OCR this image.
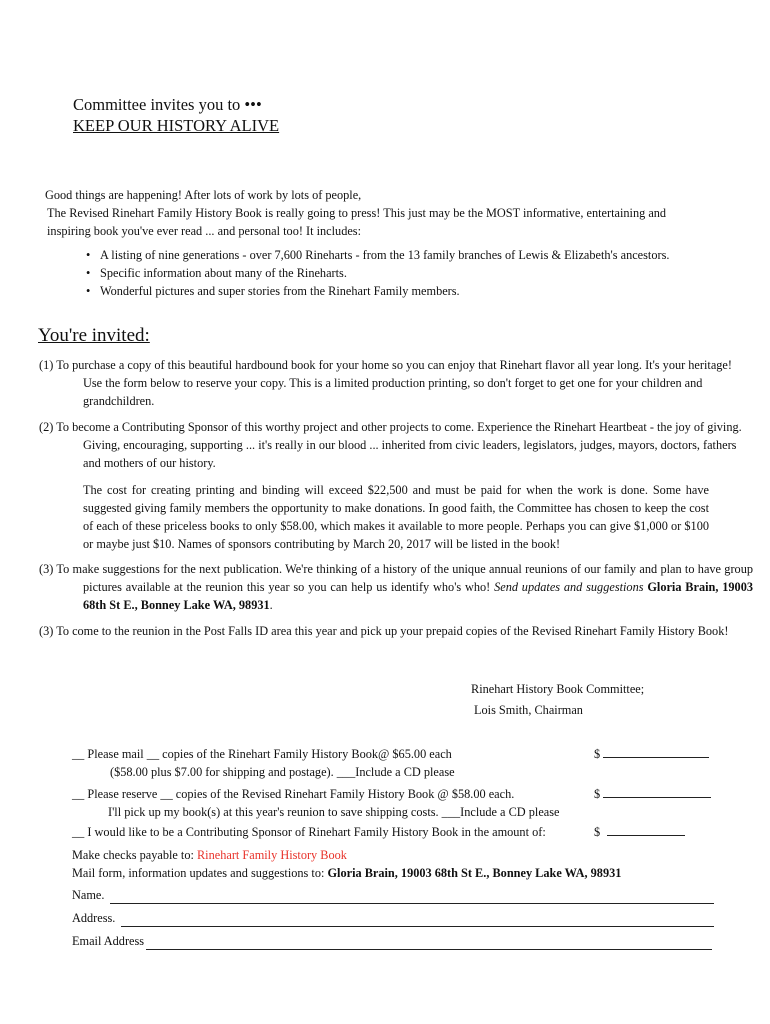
Committee invites you to •••
KEEP OUR HISTORY ALIVE
Good things are happening! After lots of work by lots of people,
The Revised Rinehart Family History Book is really going to press! This just may be the MOST informative, entertaining and inspiring book you've ever read ... and personal too! It includes:
• A listing of nine generations - over 7,600 Rineharts - from the 13 family branches of Lewis & Elizabeth's ancestors.
• Specific information about many of the Rineharts.
• Wonderful pictures and super stories from the Rinehart Family members.
You're invited:
(1) To purchase a copy of this beautiful hardbound book for your home so you can enjoy that Rinehart flavor all year long. It's your heritage! Use the form below to reserve your copy. This is a limited production printing, so don't forget to get one for your children and grandchildren.
(2) To become a Contributing Sponsor of this worthy project and other projects to come. Experience the Rinehart Heartbeat - the joy of giving. Giving, encouraging, supporting ... it's really in our blood ... inherited from civic leaders, legislators, judges, mayors, doctors, fathers and mothers of our history.
The cost for creating printing and binding will exceed $22,500 and must be paid for when the work is done. Some have suggested giving family members the opportunity to make donations. In good faith, the Committee has chosen to keep the cost of each of these priceless books to only $58.00, which makes it available to more people. Perhaps you can give $1,000 or $100 or maybe just $10. Names of sponsors contributing by March 20, 2017 will be listed in the book!
(3) To make suggestions for the next publication. We're thinking of a history of the unique annual reunions of our family and plan to have group pictures available at the reunion this year so you can help us identify who's who! Send updates and suggestions Gloria Brain, 19003 68th St E., Bonney Lake WA, 98931.
(3) To come to the reunion in the Post Falls ID area this year and pick up your prepaid copies of the Revised Rinehart Family History Book!
Rinehart History Book Committee;
Lois Smith, Chairman
__ Please mail __ copies of the Rinehart Family History Book@ $65.00 each
($58.00 plus $7.00 for shipping and postage). ___Include a CD please
$
__ Please reserve __ copies of the Revised Rinehart Family History Book @ $58.00 each.
I'll pick up my book(s) at this year's reunion to save shipping costs. ___Include a CD please
$
__ I would like to be a Contributing Sponsor of Rinehart Family History Book in the amount of:	$
Make checks payable to: Rinehart Family History Book
Mail form, information updates and suggestions to: Gloria Brain, 19003 68th St E., Bonney Lake WA, 98931
Name.
Address.
Email Address
